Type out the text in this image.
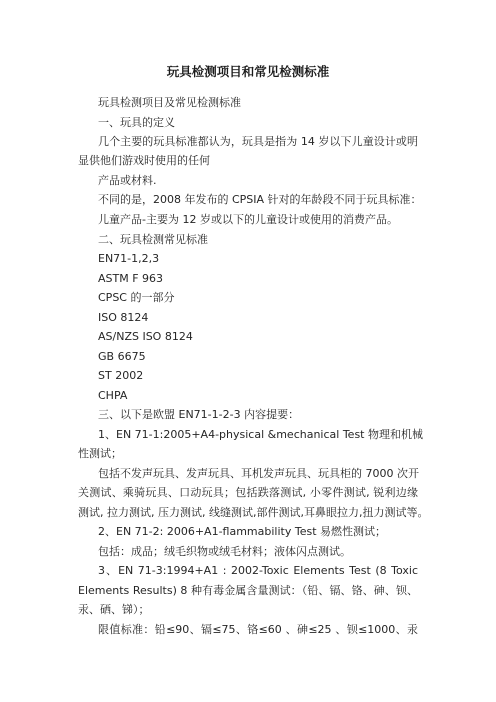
玩具检测项目和常见检测标准
玩具检测项目及常见检测标准
一、玩具的定义
几个主要的玩具标准都认为，玩具是指为 14 岁以下儿童设计或明
显供他们游戏时使用的任何
产品或材料.
不同的是，2008 年发布的 CPSIA 针对的年龄段不同于玩具标准：
儿童产品-主要为 12 岁或以下的儿童设计或使用的消费产品。
二、玩具检测常见标准
EN71-1,2,3
ASTM F 963
CPSC 的一部分
ISO 8124
AS/NZS ISO 8124
GB 6675
ST 2002
CHPA
三、以下是欧盟 EN71-1-2-3 内容提要：
1、EN 71-1:2005+A4-physical &mechanical Test 物理和机械
性测试；
包括不发声玩具、发声玩具、耳机发声玩具、玩具柜的 7000 次开
关测试、乘骑玩具、口动玩具；包括跌落测试, 小零件测试, 锐利边缘
测试, 拉力测试, 压力测试, 线缝测试,部件测试,耳鼻眼拉力,扭力测试等。
2、EN 71-2: 2006+A1-flammability Test 易燃性测试；
包括：成品；绒毛织物或绒毛材料；液体闪点测试。
3、EN 71-3:1994+A1 : 2002-Toxic Elements Test (8 Toxic
Elements Results) 8 种有毒金属含量测试：（铅、镉、铬、砷、钡、
汞、硒、锑）；
限值标准：铅≤90、镉≤75、铬≤60 、砷≤25 、钡≤1000、汞
